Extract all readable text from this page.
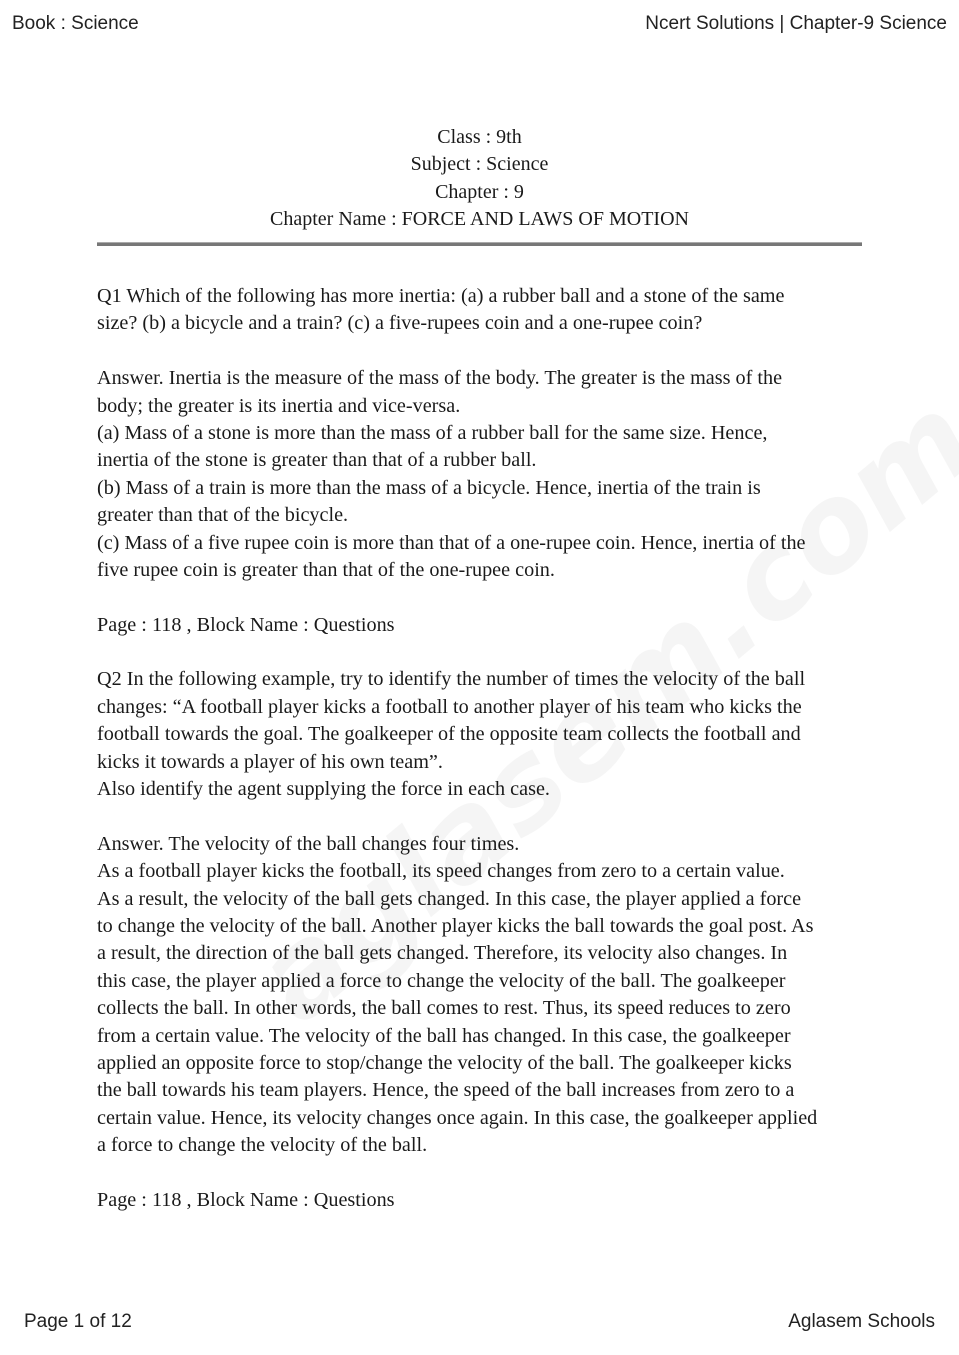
Book : Science	Ncert Solutions | Chapter-9 Science
Class : 9th
Subject : Science
Chapter : 9
Chapter Name : FORCE AND LAWS OF MOTION
Q1 Which of the following has more inertia: (a) a rubber ball and a stone of the same
size? (b) a bicycle and a train? (c) a five-rupees coin and a one-rupee coin?
Answer. Inertia is the measure of the mass of the body. The greater is the mass of the
body; the greater is its inertia and vice-versa.
(a) Mass of a stone is more than the mass of a rubber ball for the same size. Hence,
inertia of the stone is greater than that of a rubber ball.
(b) Mass of a train is more than the mass of a bicycle. Hence, inertia of the train is
greater than that of the bicycle.
(c) Mass of a five rupee coin is more than that of a one-rupee coin. Hence, inertia of the
five rupee coin is greater than that of the one-rupee coin.
Page : 118 , Block Name : Questions
Q2 In the following example, try to identify the number of times the velocity of the ball
changes: “A football player kicks a football to another player of his team who kicks the
football towards the goal. The goalkeeper of the opposite team collects the football and
kicks it towards a player of his own team”.
Also identify the agent supplying the force in each case.
Answer. The velocity of the ball changes four times.
As a football player kicks the football, its speed changes from zero to a certain value.
As a result, the velocity of the ball gets changed. In this case, the player applied a force
to change the velocity of the ball. Another player kicks the ball towards the goal post. As
a result, the direction of the ball gets changed. Therefore, its velocity also changes. In
this case, the player applied a force to change the velocity of the ball. The goalkeeper
collects the ball. In other words, the ball comes to rest. Thus, its speed reduces to zero
from a certain value. The velocity of the ball has changed. In this case, the goalkeeper
applied an opposite force to stop/change the velocity of the ball. The goalkeeper kicks
the ball towards his team players. Hence, the speed of the ball increases from zero to a
certain value. Hence, its velocity changes once again. In this case, the goalkeeper applied
a force to change the velocity of the ball.
Page : 118 , Block Name : Questions
Page 1 of 12	Aglasem Schools
